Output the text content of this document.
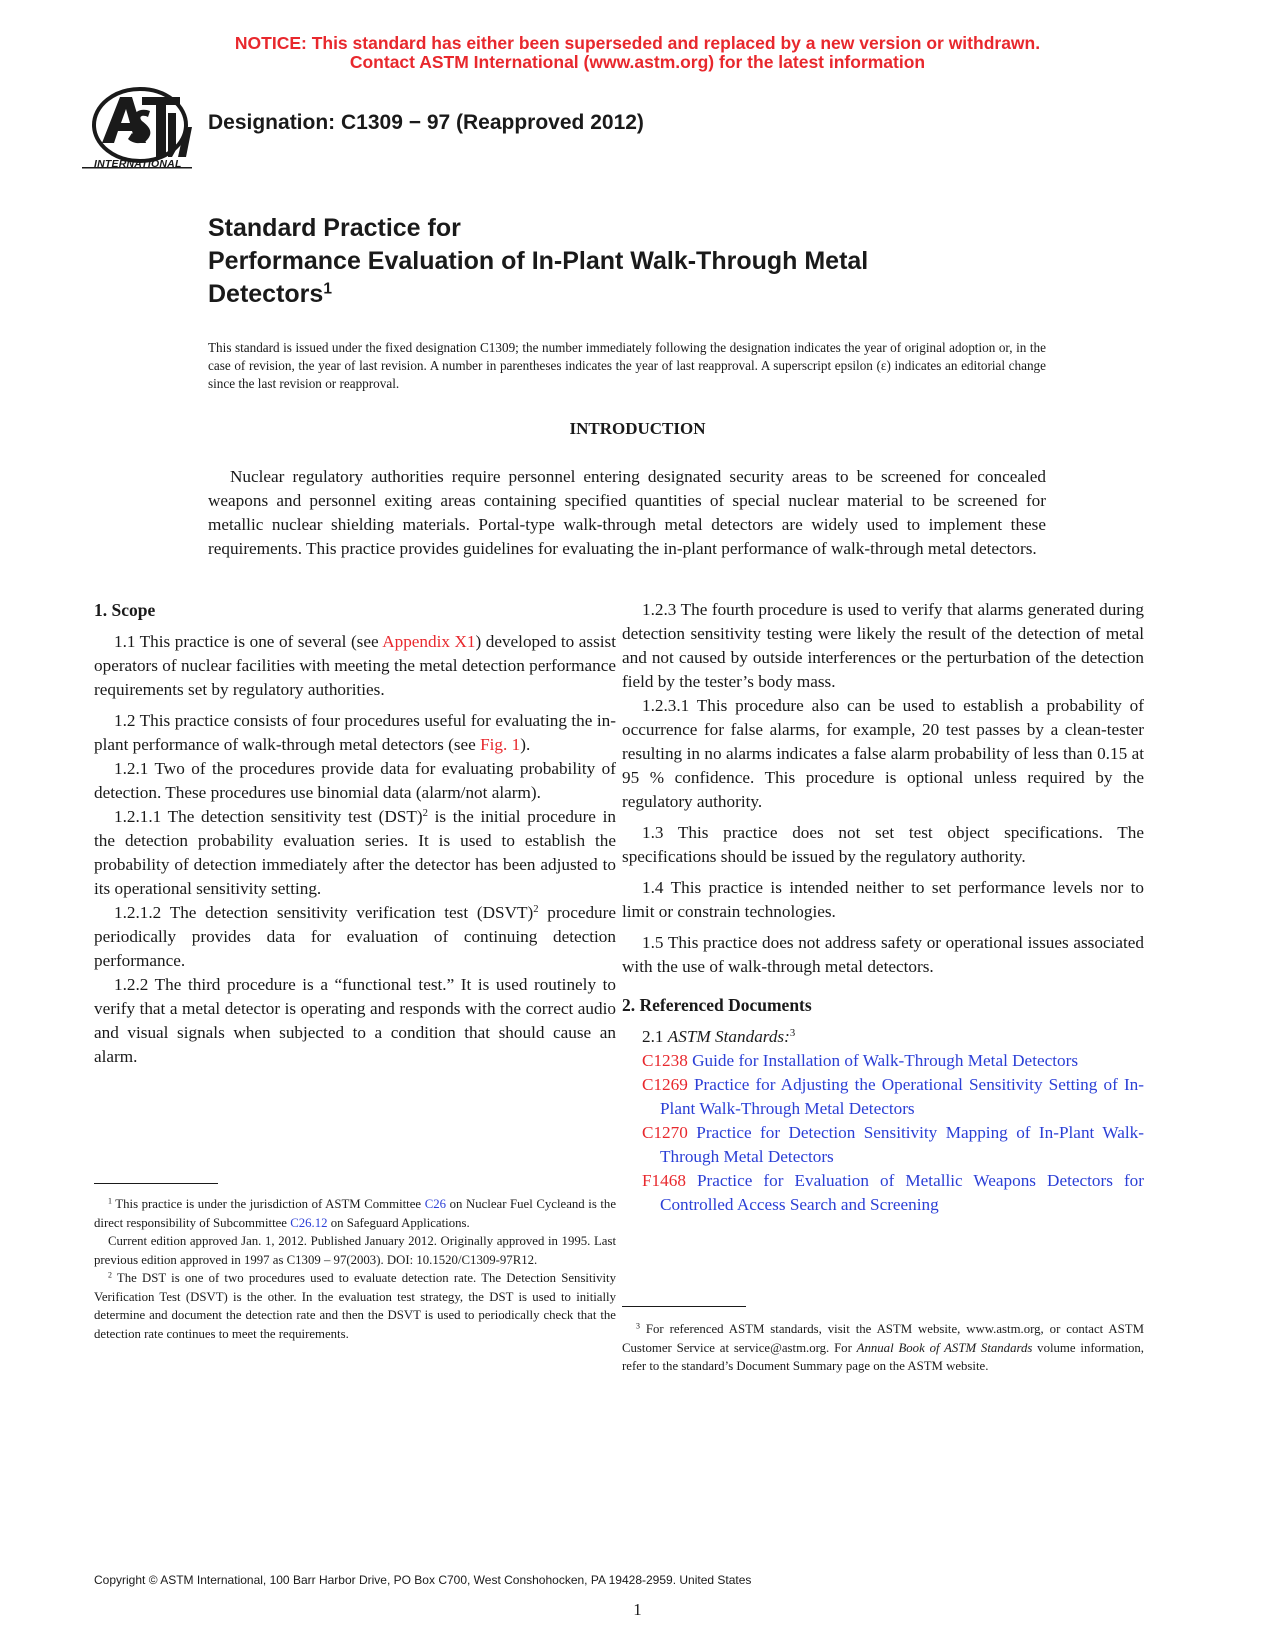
NOTICE: This standard has either been superseded and replaced by a new version or withdrawn.
Contact ASTM International (www.astm.org) for the latest information
INTERNATIONAL
Designation: C1309 − 97 (Reapproved 2012)
Standard Practice for
Performance Evaluation of In-Plant Walk-Through Metal
Detectors$^1$
This standard is issued under the fixed designation C1309; the number immediately following the designation indicates the year of original adoption or, in the case of revision, the year of last revision. A number in parentheses indicates the year of last reapproval. A superscript epsilon (ε) indicates an editorial change since the last revision or reapproval.
INTRODUCTION

Nuclear regulatory authorities require personnel entering designated security areas to be screened for concealed weapons and personnel exiting areas containing specified quantities of special nuclear material to be screened for metallic nuclear shielding materials. Portal-type walk-through metal detectors are widely used to implement these requirements. This practice provides guidelines for evaluating the in-plant performance of walk-through metal detectors.

1. Scope

1.1 This practice is one of several (see Appendix X1) developed to assist operators of nuclear facilities with meeting the metal detection performance requirements set by regulatory authorities.

1.2 This practice consists of four procedures useful for evaluating the in-plant performance of walk-through metal detectors (see Fig. 1).

1.2.1 Two of the procedures provide data for evaluating probability of detection. These procedures use binomial data (alarm/not alarm).

1.2.1.1 The detection sensitivity test (DST)$^2$ is the initial procedure in the detection probability evaluation series. It is used to establish the probability of detection immediately after the detector has been adjusted to its operational sensitivity setting.

1.2.1.2 The detection sensitivity verification test (DSVT)$^2$ procedure periodically provides data for evaluation of continuing detection performance.

1.2.2 The third procedure is a “functional test.” It is used routinely to verify that a metal detector is operating and responds with the correct audio and visual signals when subjected to a condition that should cause an alarm.

$^1$ This practice is under the jurisdiction of ASTM Committee C26 on Nuclear Fuel Cycleand is the direct responsibility of Subcommittee C26.12 on Safeguard Applications.

Current edition approved Jan. 1, 2012. Published January 2012. Originally approved in 1995. Last previous edition approved in 1997 as C1309 – 97(2003). DOI: 10.1520/C1309-97R12.

$^2$ The DST is one of two procedures used to evaluate detection rate. The Detection Sensitivity Verification Test (DSVT) is the other. In the evaluation test strategy, the DST is used to initially determine and document the detection rate and then the DSVT is used to periodically check that the detection rate continues to meet the requirements.

1.2.3 The fourth procedure is used to verify that alarms generated during detection sensitivity testing were likely the result of the detection of metal and not caused by outside interferences or the perturbation of the detection field by the tester’s body mass.

1.2.3.1 This procedure also can be used to establish a probability of occurrence for false alarms, for example, 20 test passes by a clean-tester resulting in no alarms indicates a false alarm probability of less than 0.15 at 95 % confidence. This procedure is optional unless required by the regulatory authority.

1.3 This practice does not set test object specifications. The specifications should be issued by the regulatory authority.

1.4 This practice is intended neither to set performance levels nor to limit or constrain technologies.

1.5 This practice does not address safety or operational issues associated with the use of walk-through metal detectors.

2. Referenced Documents

2.1 ASTM Standards:$^3$

C1238 Guide for Installation of Walk-Through Metal Detectors

C1269 Practice for Adjusting the Operational Sensitivity Setting of In-Plant Walk-Through Metal Detectors

C1270 Practice for Detection Sensitivity Mapping of In-Plant Walk-Through Metal Detectors

F1468 Practice for Evaluation of Metallic Weapons Detectors for Controlled Access Search and Screening

$^3$ For referenced ASTM standards, visit the ASTM website, www.astm.org, or contact ASTM Customer Service at service@astm.org. For Annual Book of ASTM Standards volume information, refer to the standard’s Document Summary page on the ASTM website.

Copyright © ASTM International, 100 Barr Harbor Drive, PO Box C700, West Conshohocken, PA 19428-2959. United States
1
